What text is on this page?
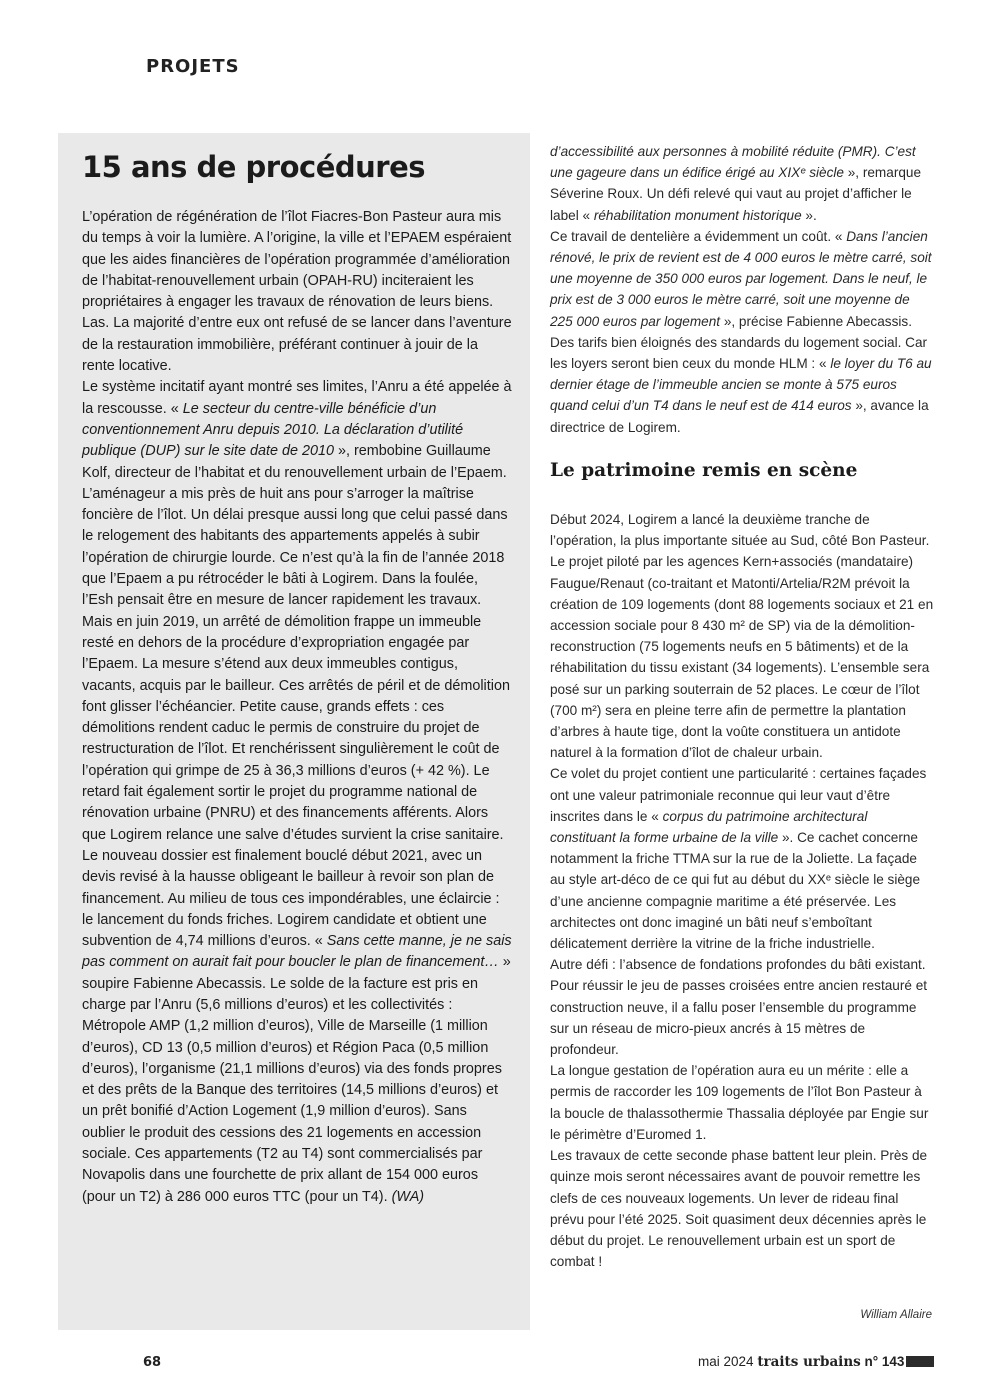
PROJETS
15 ans de procédures

L’opération de régénération de l’îlot Fiacres-Bon Pasteur aura mis du temps à voir la lumière. A l’origine, la ville et l’EPAEM espéraient que les aides financières de l’opération programmée d’amélioration de l’habitat-renouvellement urbain (OPAH-RU) inciteraient les propriétaires à engager les travaux de rénovation de leurs biens. Las. La majorité d’entre eux ont refusé de se lancer dans l’aventure de la restauration immobilière, préférant continuer à jouir de la rente locative.

Le système incitatif ayant montré ses limites, l’Anru a été appelée à la rescousse. « Le secteur du centre-ville bénéficie d’un conventionnement Anru depuis 2010. La déclaration d’utilité publique (DUP) sur le site date de 2010 », rembobine Guillaume Kolf, directeur de l’habitat et du renouvellement urbain de l’Epaem. L’aménageur a mis près de huit ans pour s’arroger la maîtrise foncière de l’îlot. Un délai presque aussi long que celui passé dans le relogement des habitants des appartements appelés à subir l’opération de chirurgie lourde. Ce n’est qu’à la fin de l’année 2018 que l’Epaem a pu rétrocéder le bâti à Logirem. Dans la foulée, l’Esh pensait être en mesure de lancer rapidement les travaux.

Mais en juin 2019, un arrêté de démolition frappe un immeuble resté en dehors de la procédure d’expropriation engagée par l’Epaem. La mesure s’étend aux deux immeubles contigus, vacants, acquis par le bailleur. Ces arrêtés de péril et de démolition font glisser l’échéancier. Petite cause, grands effets : ces démolitions rendent caduc le permis de construire du projet de restructuration de l’îlot. Et renchérissent singulièrement le coût de l’opération qui grimpe de 25 à 36,3 millions d’euros (+ 42 %). Le retard fait également sortir le projet du programme national de rénovation urbaine (PNRU) et des financements afférents. Alors que Logirem relance une salve d’études survient la crise sanitaire. Le nouveau dossier est finalement bouclé début 2021, avec un devis revisé à la hausse obligeant le bailleur à revoir son plan de financement. Au milieu de tous ces impondérables, une éclaircie : le lancement du fonds friches. Logirem candidate et obtient une subvention de 4,74 millions d’euros. « Sans cette manne, je ne sais pas comment on aurait fait pour boucler le plan de financement… » soupire Fabienne Abecassis. Le solde de la facture est pris en charge par l’Anru (5,6 millions d’euros) et les collectivités : Métropole AMP (1,2 million d’euros), Ville de Marseille (1 million d’euros), CD 13 (0,5 million d’euros) et Région Paca (0,5 million d’euros), l’organisme (21,1 millions d’euros) via des fonds propres et des prêts de la Banque des territoires (14,5 millions d’euros) et un prêt bonifié d’Action Logement (1,9 million d’euros). Sans oublier le produit des cessions des 21 logements en accession sociale. Ces appartements (T2 au T4) sont commercialisés par Novapolis dans une fourchette de prix allant de 154 000 euros (pour un T2) à 286 000 euros TTC (pour un T4). (WA)

d’accessibilité aux personnes à mobilité réduite (PMR). C’est une gageure dans un édifice érigé au XIXᵉ siècle », remarque Séverine Roux. Un défi relevé qui vaut au projet d’afficher le label « réhabilitation monument historique ».

Ce travail de dentelière a évidemment un coût. « Dans l’ancien rénové, le prix de revient est de 4 000 euros le mètre carré, soit une moyenne de 350 000 euros par logement. Dans le neuf, le prix est de 3 000 euros le mètre carré, soit une moyenne de 225 000 euros par logement », précise Fabienne Abecassis. Des tarifs bien éloignés des standards du logement social. Car les loyers seront bien ceux du monde HLM : « le loyer du T6 au dernier étage de l’immeuble ancien se monte à 575 euros quand celui d’un T4 dans le neuf est de 414 euros », avance la directrice de Logirem.

Le patrimoine remis en scène

Début 2024, Logirem a lancé la deuxième tranche de l’opération, la plus importante située au Sud, côté Bon Pasteur. Le projet piloté par les agences Kern+associés (mandataire) Faugue/Renaut (co-traitant et Matonti/Artelia/R2M prévoit la création de 109 logements (dont 88 logements sociaux et 21 en accession sociale pour 8 430 m² de SP) via de la démolition-reconstruction (75 logements neufs en 5 bâtiments) et de la réhabilitation du tissu existant (34 logements). L’ensemble sera posé sur un parking souterrain de 52 places. Le cœur de l’îlot (700 m²) sera en pleine terre afin de permettre la plantation d’arbres à haute tige, dont la voûte constituera un antidote naturel à la formation d’îlot de chaleur urbain.

Ce volet du projet contient une particularité : certaines façades ont une valeur patrimoniale reconnue qui leur vaut d’être inscrites dans le « corpus du patrimoine architectural constituant la forme urbaine de la ville ». Ce cachet concerne notamment la friche TTMA sur la rue de la Joliette. La façade au style art-déco de ce qui fut au début du XXᵉ siècle le siège d’une ancienne compagnie maritime a été préservée. Les architectes ont donc imaginé un bâti neuf s’emboîtant délicatement derrière la vitrine de la friche industrielle.

Autre défi : l’absence de fondations profondes du bâti existant. Pour réussir le jeu de passes croisées entre ancien restauré et construction neuve, il a fallu poser l’ensemble du programme sur un réseau de micro-pieux ancrés à 15 mètres de profondeur.

La longue gestation de l’opération aura eu un mérite : elle a permis de raccorder les 109 logements de l’îlot Bon Pasteur à la boucle de thalassothermie Thassalia déployée par Engie sur le périmètre d’Euromed 1.

Les travaux de cette seconde phase battent leur plein. Près de quinze mois seront nécessaires avant de pouvoir remettre les clefs de ces nouveaux logements. Un lever de rideau final prévu pour l’été 2025. Soit quasiment deux décennies après le début du projet. Le renouvellement urbain est un sport de combat !

William Allaire
68	mai 2024 traits urbains n° 143
